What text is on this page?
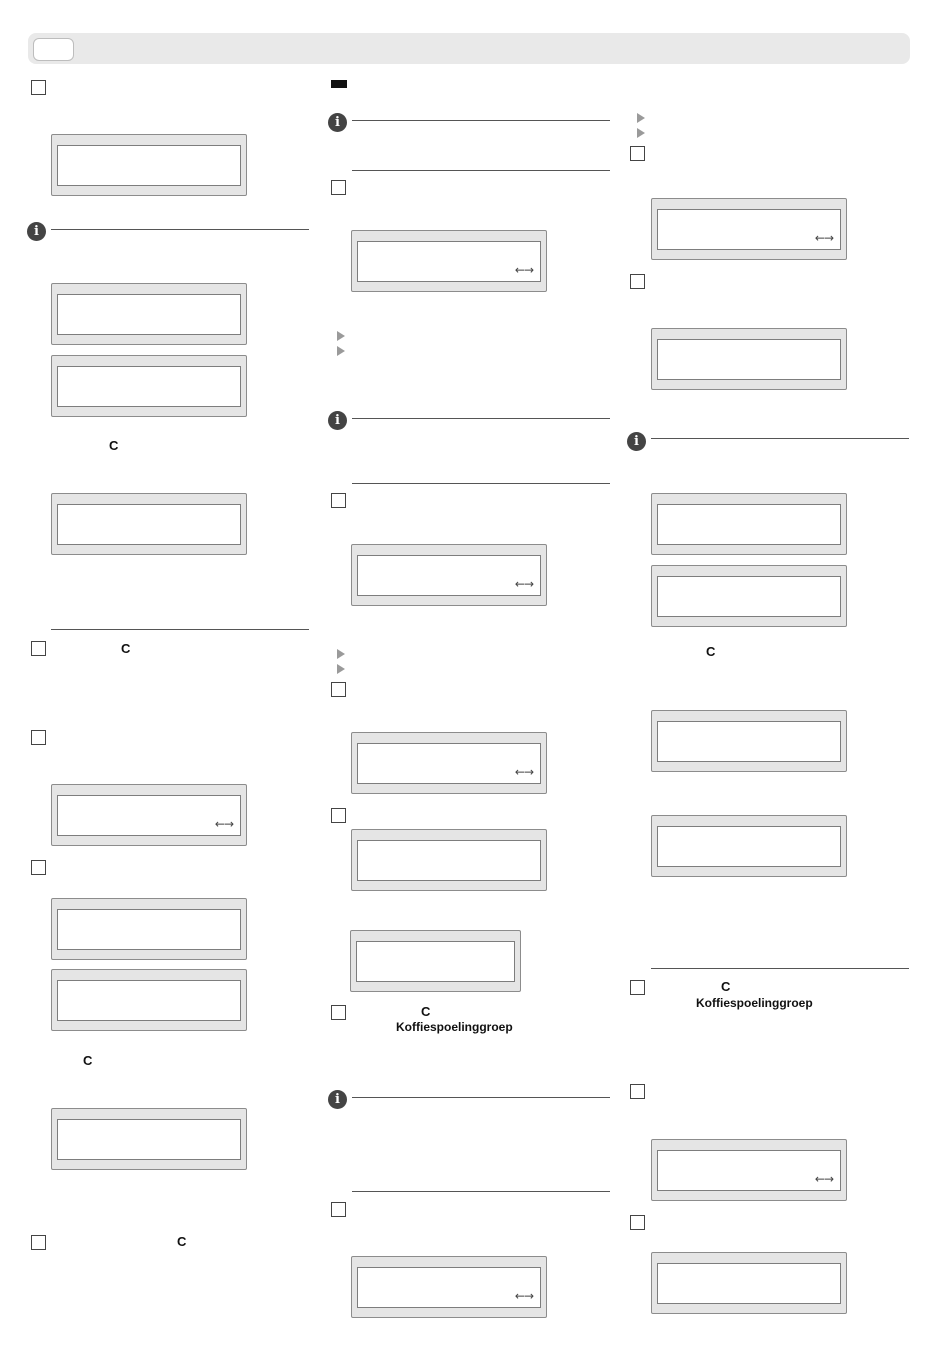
i
C
C
←→
C
C
i
←→
i
←→
←→
C
Koffiespoelinggroep
i
←→
←→
i
C
C
Koffiespoelinggroep
←→
